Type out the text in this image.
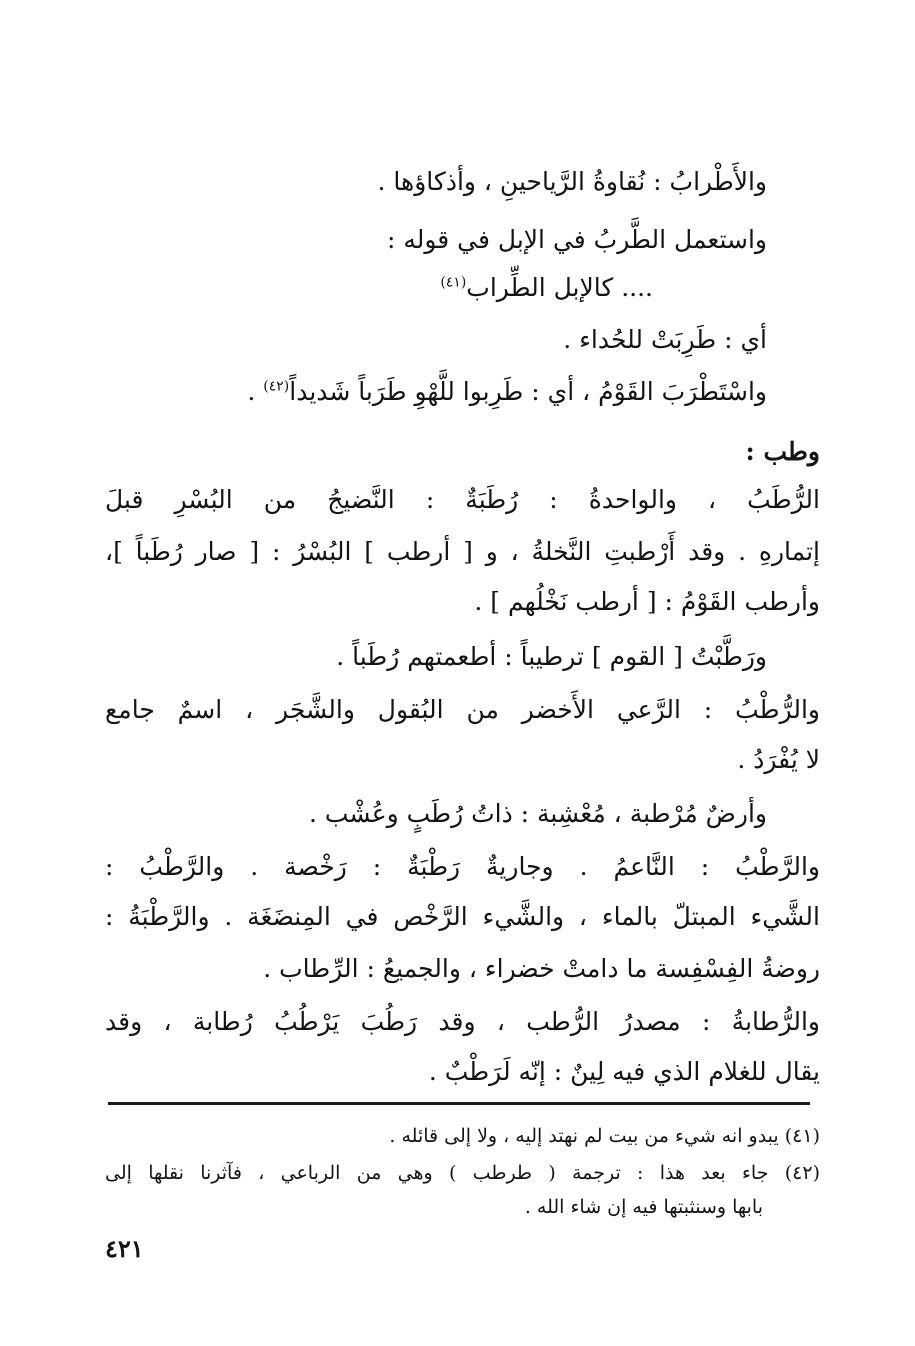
والأَطْرابُ : نُقاوةُ الرَّياحينِ ، وأذكاؤها .
واستعمل الطَّربُ في الإبل في قوله :
.... كالإبل الطِّراب$^{(٤١)}$
أي : طَرِبَتْ للحُداء .
واسْتَطْرَبَ القَوْمُ ، أي : طَرِبوا للَّهْوِ طَرَباً شَديداً$^{(٤٢)}$ .
وطب :
الرُّطَبُ ، والواحدةُ : رُطَبَةٌ : النَّضيجُ من البُسْرِ قبلَ
إتمارهِ . وقد أَرْطبتِ النَّخلةُ ، و [ أرطب ] البُسْرُ : [ صار رُطَباً ]،
وأرطب القَوْمُ : [ أرطب نَخْلُهم ] .
ورَطَّبْتُ [ القوم ] ترطيباً : أطعمتهم رُطَباً .
والرُّطْبُ : الرَّعي الأَخضر من البُقول والشَّجَر ، اسمٌ جامع
لا يُفْرَدُ .
وأرضٌ مُرْطبة ، مُعْشِبة : ذاتُ رُطَبٍ وعُشْب .
والرَّطْبُ : النَّاعمُ . وجاريةٌ رَطْبَةٌ : رَخْصة . والرَّطْبُ :
الشَّيء المبتلّ بالماء ، والشَّيء الرَّخْص في المِنضَغَة . والرَّطْبَةُ :
روضةُ الفِسْفِسة ما دامتْ خضراء ، والجميعُ : الرِّطاب .
والرُّطابةُ : مصدرُ الرُّطب ، وقد رَطُبَ يَرْطُبُ رُطابة ، وقد
يقال للغلام الذي فيه لِينٌ : إنّه لَرَطْبٌ .
(٤١) يبدو انه شيء من بيت لم نهتد إليه ، ولا إلى قائله .
(٤٢) جاء بعد هذا : ترجمة ( طرطب ) وهي من الرباعي ، فآثرنا نقلها إلى
بابها وسنثبتها فيه إن شاء الله .
٤٢١
